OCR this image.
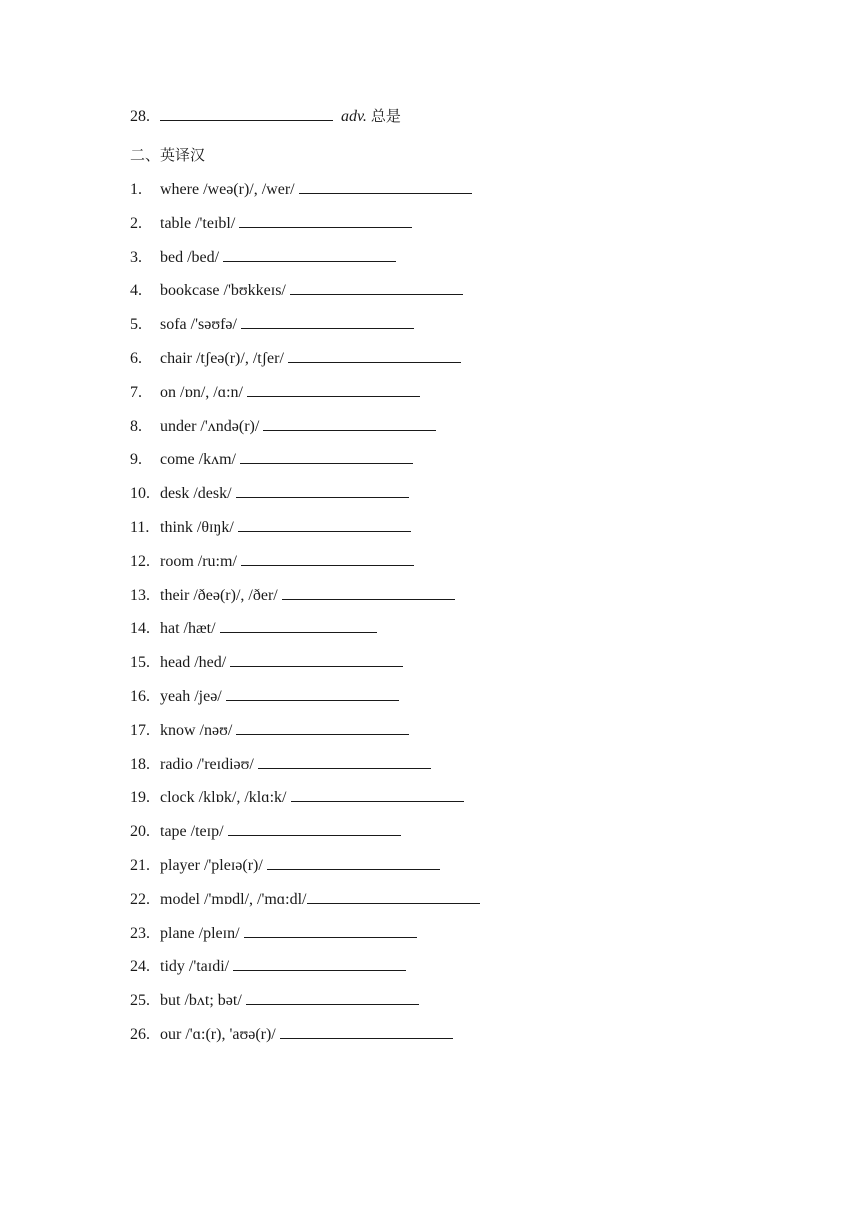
28.	adv. 总是
二、英译汉
1. where /weə(r)/, /wer/
2. table /'teɪbl/
3. bed /bed/
4. bookcase /'bʊkkeɪs/
5. sofa /'səʊfə/
6. chair /tʃeə(r)/, /tʃer/
7. on /ɒn/, /ɑ:n/
8. under /'ʌndə(r)/
9. come /kʌm/
10. desk /desk/
11. think /θɪŋk/
12. room /ru:m/
13. their /ðeə(r)/, /ðer/
14. hat /hæt/
15. head /hed/
16. yeah /jeə/
17. know /nəʊ/
18. radio /'reɪdiəʊ/
19. clock /klɒk/, /klɑ:k/
20. tape /teɪp/
21. player /'pleɪə(r)/
22. model /'mɒdl/, /'mɑ:dl/
23. plane /pleɪn/
24. tidy /'taɪdi/
25. but /bʌt; bət/
26. our /'ɑ:(r), 'aʊə(r)/
